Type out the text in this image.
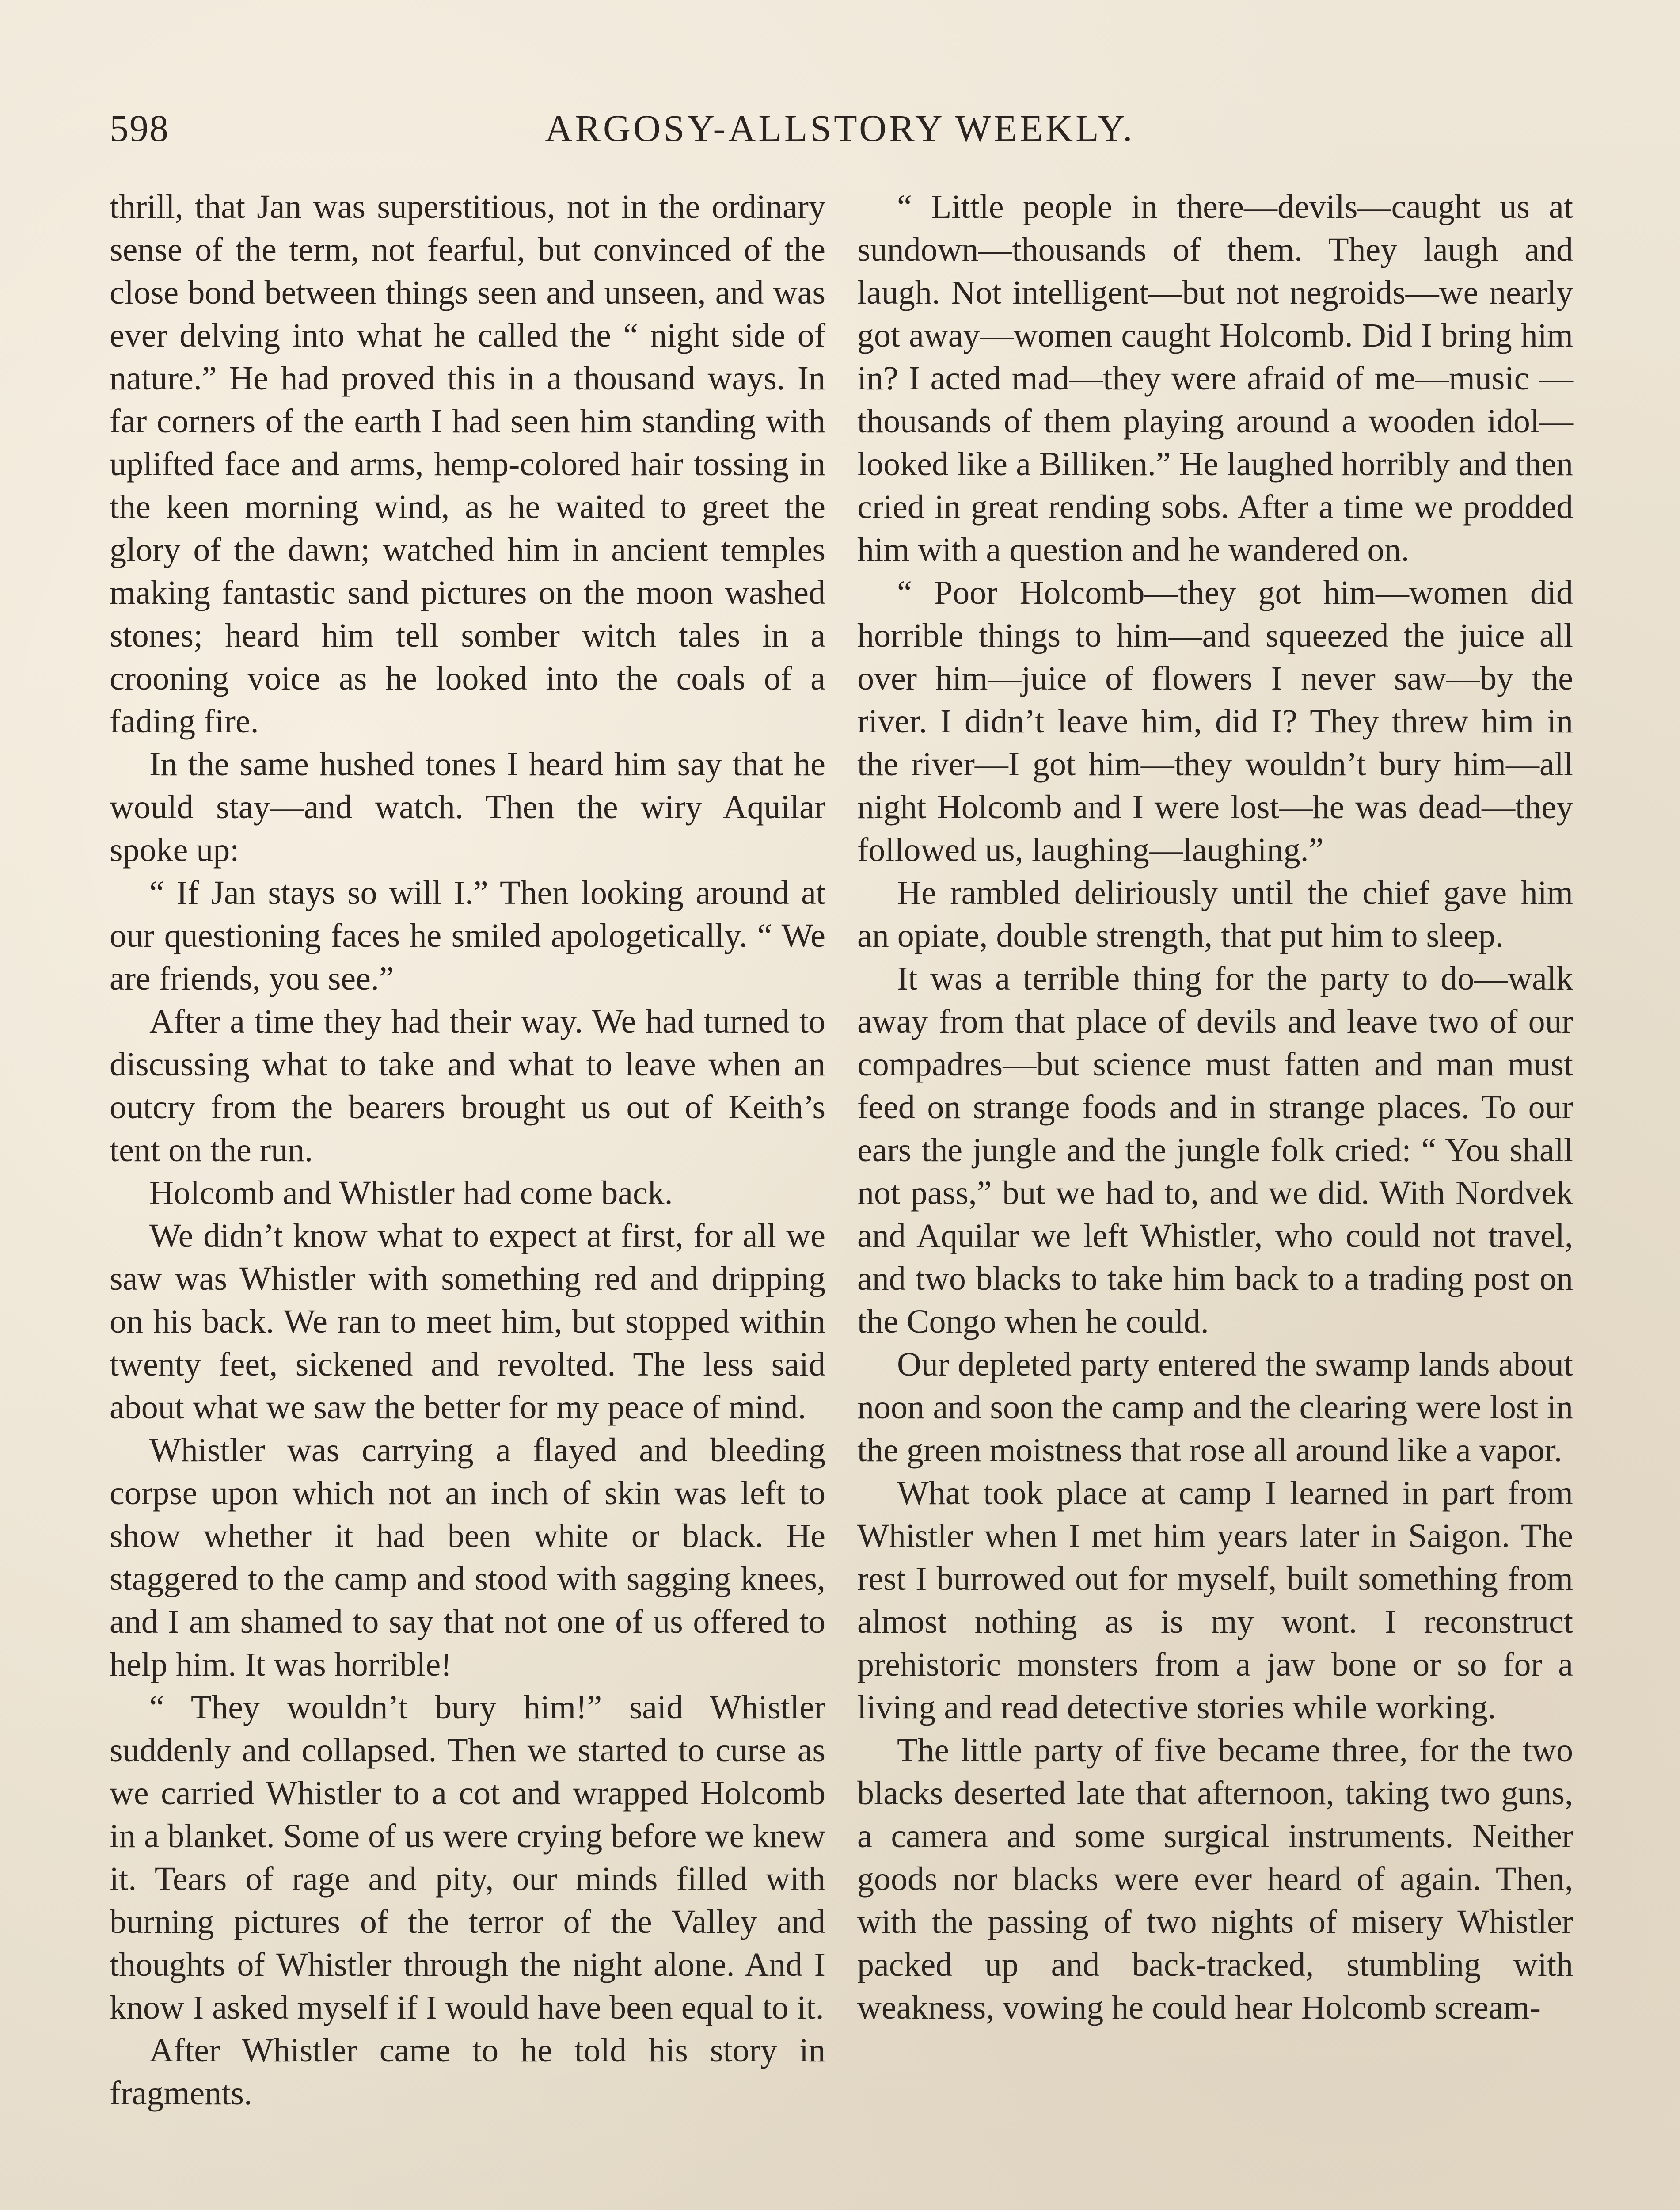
598	ARGOSY-ALLSTORY WEEKLY.

thrill, that Jan was superstitious, not in the ordinary sense of the term, not fearful, but convinced of the close bond between things seen and unseen, and was ever delving into what he called the “ night side of nature.” He had proved this in a thousand ways. In far corners of the earth I had seen him standing with uplifted face and arms, hemp-colored hair tossing in the keen morning wind, as he waited to greet the glory of the dawn; watched him in ancient temples making fantastic sand pictures on the moon washed stones; heard him tell somber witch tales in a crooning voice as he looked into the coals of a fading fire.

In the same hushed tones I heard him say that he would stay—and watch. Then the wiry Aquilar spoke up:

“ If Jan stays so will I.” Then looking around at our questioning faces he smiled apologetically. “ We are friends, you see.”

After a time they had their way. We had turned to discussing what to take and what to leave when an outcry from the bearers brought us out of Keith’s tent on the run.

Holcomb and Whistler had come back.

We didn’t know what to expect at first, for all we saw was Whistler with something red and dripping on his back. We ran to meet him, but stopped within twenty feet, sickened and revolted. The less said about what we saw the better for my peace of mind.

Whistler was carrying a flayed and bleeding corpse upon which not an inch of skin was left to show whether it had been white or black. He staggered to the camp and stood with sagging knees, and I am shamed to say that not one of us offered to help him. It was horrible!

“ They wouldn’t bury him!” said Whistler suddenly and collapsed. Then we started to curse as we carried Whistler to a cot and wrapped Holcomb in a blanket. Some of us were crying before we knew it. Tears of rage and pity, our minds filled with burning pictures of the terror of the Valley and thoughts of Whistler through the night alone. And I know I asked myself if I would have been equal to it.

After Whistler came to he told his story in fragments.

“ Little people in there—devils—caught us at sundown—thousands of them. They laugh and laugh. Not intelligent—but not negroids—we nearly got away—women caught Holcomb. Did I bring him in? I acted mad—they were afraid of me—music —thousands of them playing around a wooden idol—looked like a Billiken.” He laughed horribly and then cried in great rending sobs. After a time we prodded him with a question and he wandered on.

“ Poor Holcomb—they got him—women did horrible things to him—and squeezed the juice all over him—juice of flowers I never saw—by the river. I didn’t leave him, did I? They threw him in the river—I got him—they wouldn’t bury him—all night Holcomb and I were lost—he was dead—they followed us, laughing—laughing.”

He rambled deliriously until the chief gave him an opiate, double strength, that put him to sleep.

It was a terrible thing for the party to do—walk away from that place of devils and leave two of our compadres—but science must fatten and man must feed on strange foods and in strange places. To our ears the jungle and the jungle folk cried: “ You shall not pass,” but we had to, and we did. With Nordvek and Aquilar we left Whistler, who could not travel, and two blacks to take him back to a trading post on the Congo when he could.

Our depleted party entered the swamp lands about noon and soon the camp and the clearing were lost in the green moistness that rose all around like a vapor.

What took place at camp I learned in part from Whistler when I met him years later in Saigon. The rest I burrowed out for myself, built something from almost nothing as is my wont. I reconstruct prehistoric monsters from a jaw bone or so for a living and read detective stories while working.

The little party of five became three, for the two blacks deserted late that afternoon, taking two guns, a camera and some surgical instruments. Neither goods nor blacks were ever heard of again. Then, with the passing of two nights of misery Whistler packed up and back-tracked, stumbling with weakness, vowing he could hear Holcomb scream-
